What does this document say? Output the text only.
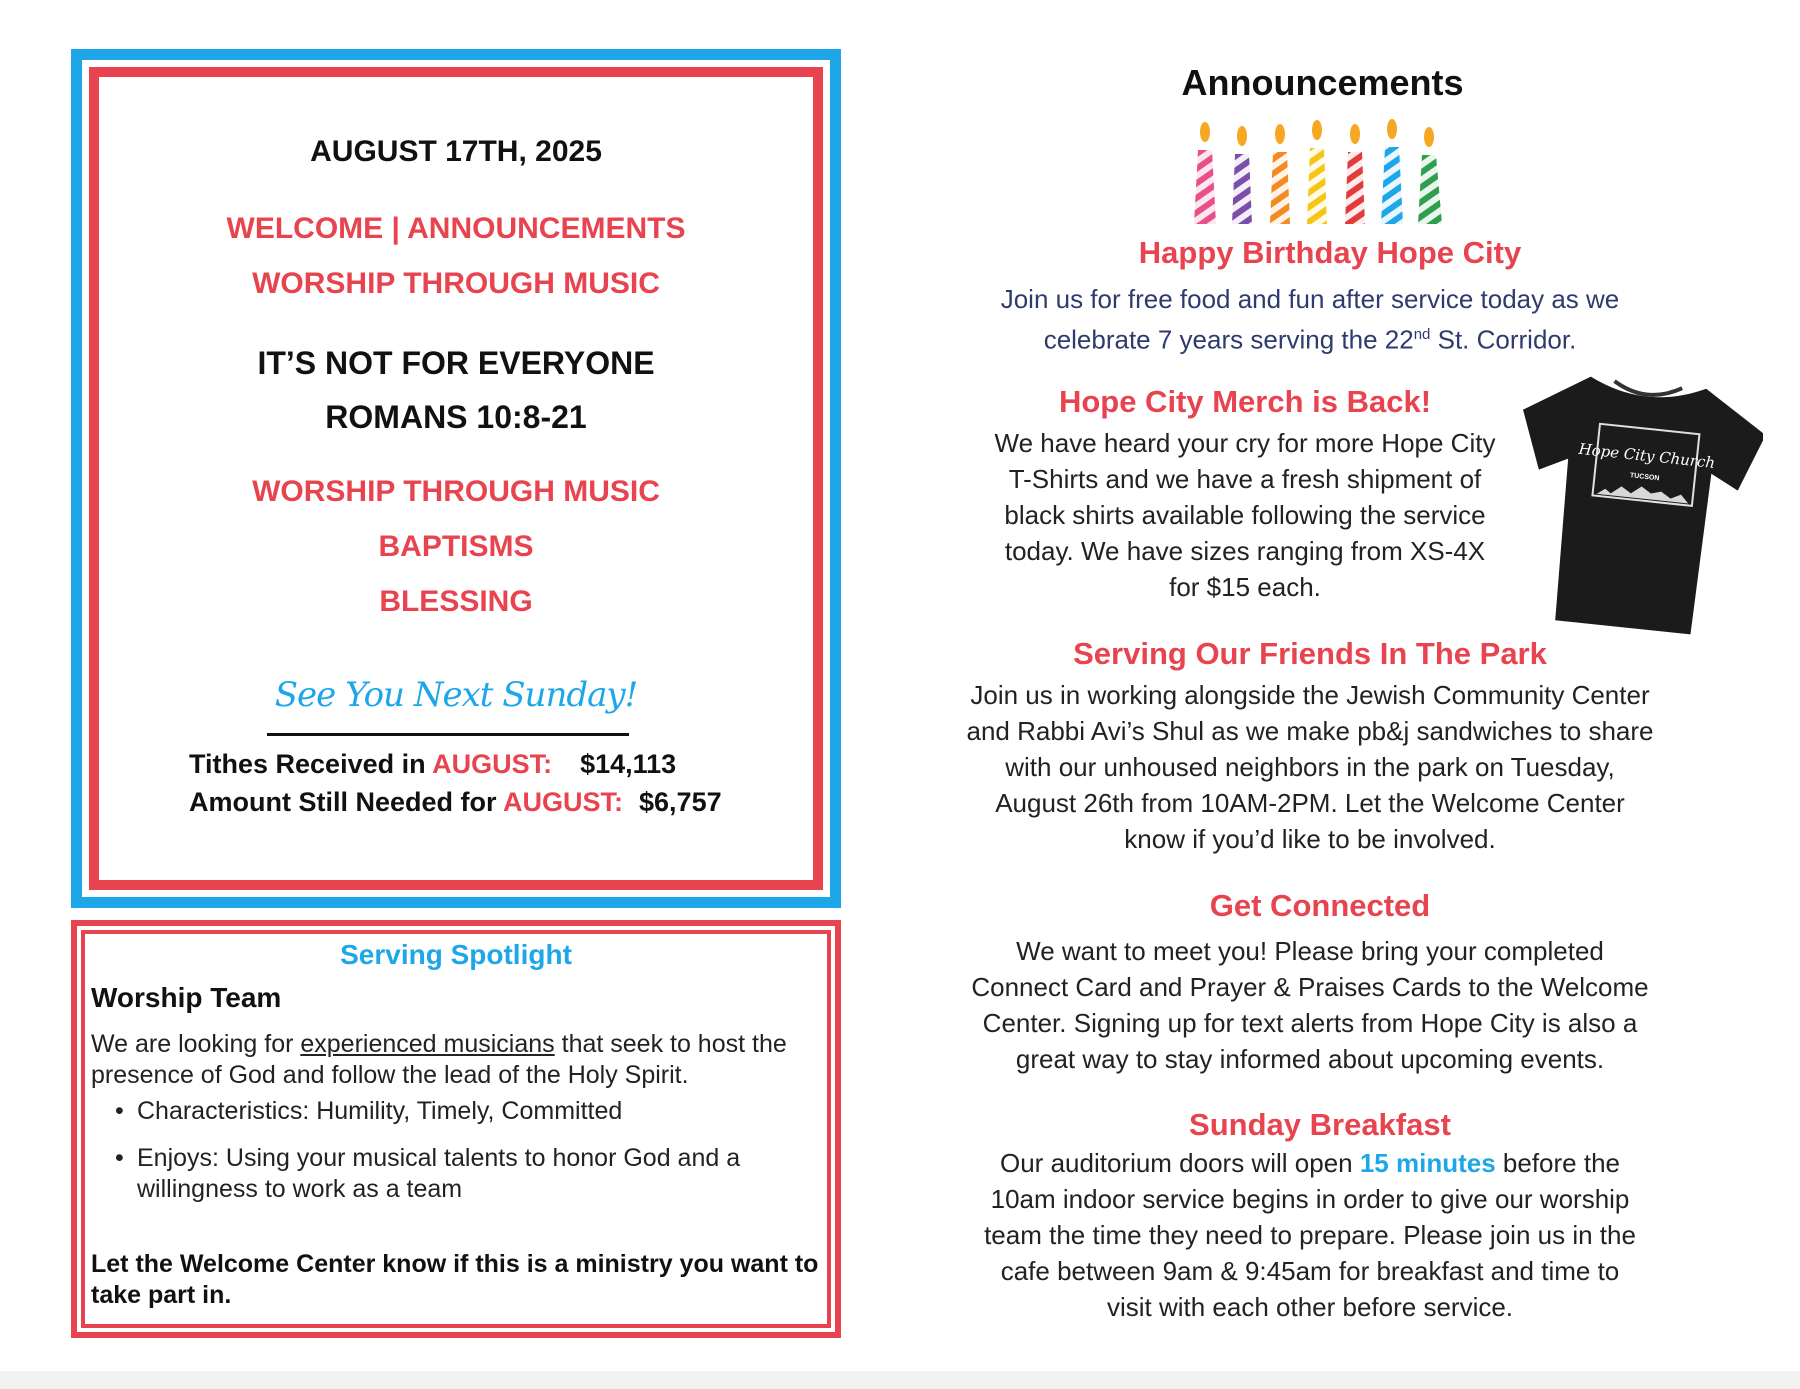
AUGUST 17TH, 2025
WELCOME | ANNOUNCEMENTS
WORSHIP THROUGH MUSIC
IT’S NOT FOR EVERYONE
ROMANS 10:8-21
WORSHIP THROUGH MUSIC
BAPTISMS
BLESSING
See You Next Sunday!
Tithes Received in AUGUST: $14,113
Amount Still Needed for AUGUST: $6,757
Serving Spotlight
Worship Team
We are looking for experienced musicians that seek to host the presence of God and follow the lead of the Holy Spirit.
• Characteristics: Humility, Timely, Committed
• Enjoys: Using your musical talents to honor God and a willingness to work as a team
Let the Welcome Center know if this is a ministry you want to take part in.
Announcements
Happy Birthday Hope City
Join us for free food and fun after service today as we
celebrate 7 years serving the 22nd St. Corridor.
Hope City Merch is Back!
We have heard your cry for more Hope City
T-Shirts and we have a fresh shipment of
black shirts available following the service
today. We have sizes ranging from XS-4X
for $15 each.
Hope City Church
TUCSON
Serving Our Friends In The Park
Join us in working alongside the Jewish Community Center
and Rabbi Avi’s Shul as we make pb&j sandwiches to share
with our unhoused neighbors in the park on Tuesday,
August 26th from 10AM-2PM. Let the Welcome Center
know if you’d like to be involved.
Get Connected
We want to meet you! Please bring your completed
Connect Card and Prayer & Praises Cards to the Welcome
Center. Signing up for text alerts from Hope City is also a
great way to stay informed about upcoming events.
Sunday Breakfast
Our auditorium doors will open 15 minutes before the
10am indoor service begins in order to give our worship
team the time they need to prepare. Please join us in the
cafe between 9am & 9:45am for breakfast and time to
visit with each other before service.
